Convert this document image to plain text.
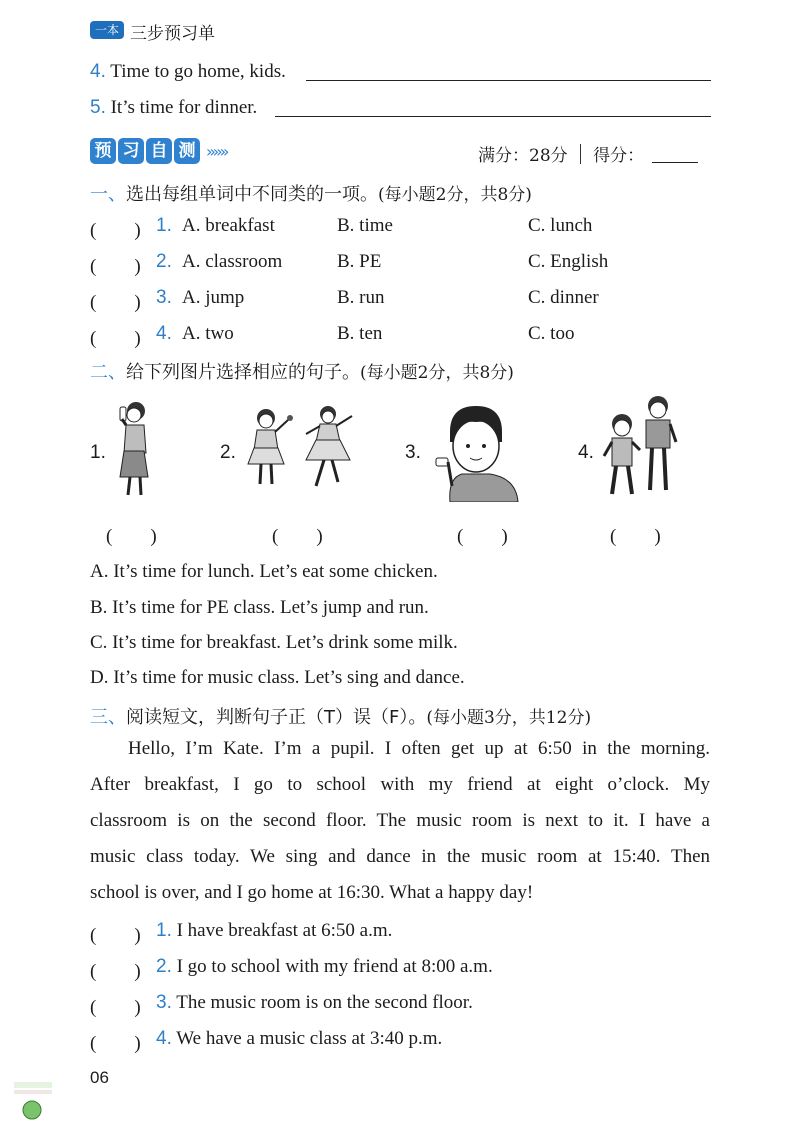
一本 三步预习单
4. Time to go home, kids.
5. It’s time for dinner.
预 习 自 测 »»»	满分：28分 得分：
一、选出每组单词中不同类的一项。(每小题2分，共8分)
(　　) 1. A. breakfast	B. time	C. lunch
(　　) 2. A. classroom	B. PE	C. English
(　　) 3. A. jump	B. run	C. dinner
(　　) 4. A. two	B. ten	C. too
二、给下列图片选择相应的句子。(每小题2分，共8分)
1.
(　　)
2.
(　　)
3.
(　　)
4.
(　　)
A. It’s time for lunch. Let’s eat some chicken.
B. It’s time for PE class. Let’s jump and run.
C. It’s time for breakfast. Let’s drink some milk.
D. It’s time for music class. Let’s sing and dance.
三、阅读短文，判断句子正（T）误（F）。(每小题3分，共12分)
Hello, I’m Kate. I’m a pupil. I often get up at 6:50 in the morning.
After breakfast, I go to school with my friend at eight o’clock. My
classroom is on the second floor. The music room is next to it. I have a
music class today. We sing and dance in the music room at 15:40. Then
school is over, and I go home at 16:30. What a happy day!
(　　) 1. I have breakfast at 6:50 a.m.
(　　) 2. I go to school with my friend at 8:00 a.m.
(　　) 3. The music room is on the second floor.
(　　) 4. We have a music class at 3:40 p.m.
06
